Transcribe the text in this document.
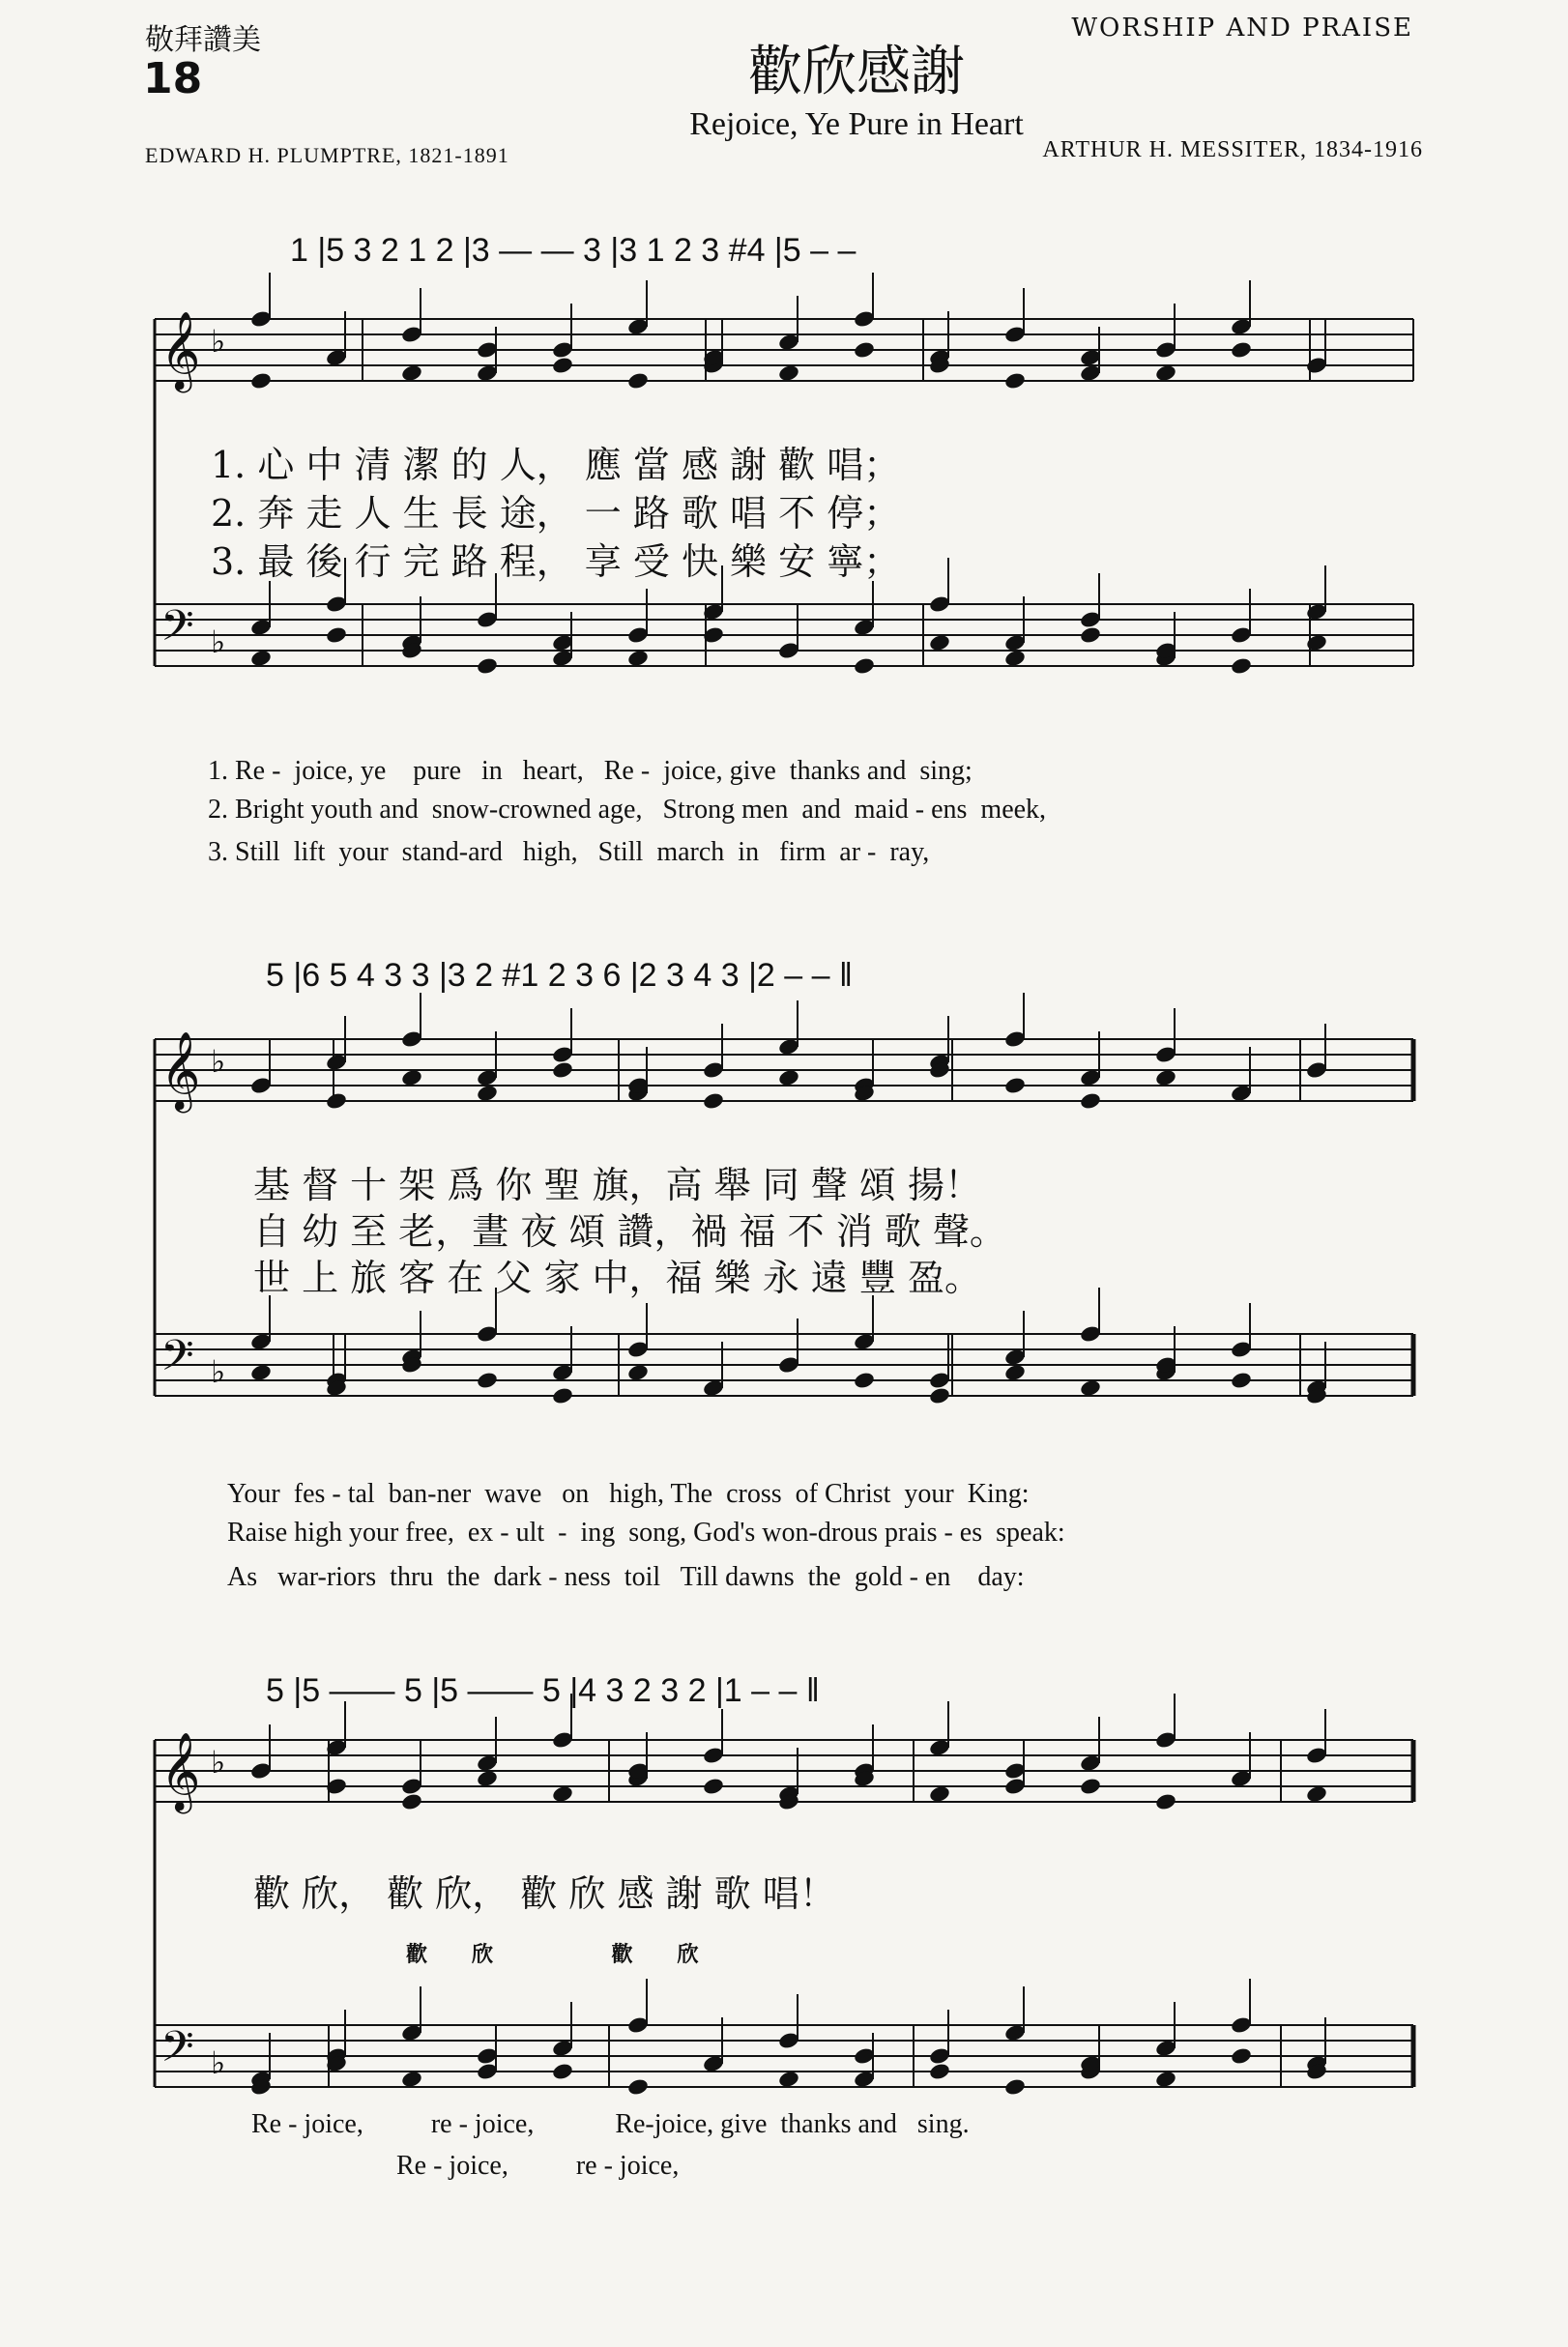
敬拜讚美
18
WORSHIP AND PRAISE
歡欣感謝
Rejoice, Ye Pure in Heart
EDWARD H. PLUMPTRE, 1821-1891	ARTHUR H. MESSITER, 1834-1916
𝄞 ♭
𝄢 ♭
𝄞 ♭
𝄢 ♭
𝄞 ♭
𝄢 ♭
1 |5 3 2 1 2 |3 — — 3 |3 1 2 3 #4 |5 – –
1. 心 中 清 潔 的 人， 應 當 感 謝 歡 唱；
2. 奔 走 人 生 長 途， 一 路 歌 唱 不 停；
3. 最 後 行 完 路 程， 享 受 快 樂 安 寧；
1. Re -  joice, ye    pure   in   heart,   Re -  joice, give  thanks and  sing;
2. Bright youth and  snow-crowned age,   Strong men  and  maid - ens  meek,
3. Still  lift  your  stand-ard   high,   Still  march  in   firm  ar -  ray,
5 |6 5 4 3 3 |3 2 #1 2 3 6 |2 3 4 3 |2 – – ‖
基 督 十 架 爲 你 聖 旗，高 舉 同 聲 頌 揚！
自 幼 至 老，晝 夜 頌 讚，禍 福 不 消 歌 聲。
世 上 旅 客 在 父 家 中，福 樂 永 遠 豐 盈。
Your  fes - tal  ban-ner  wave   on   high, The  cross  of Christ  your  King:
Raise high your free,  ex - ult  -  ing  song, God's won-drous prais - es  speak:
As   war-riors  thru  the  dark - ness  toil   Till dawns  the  gold - en    day:
5 |5 —— 5 |5 —— 5 |4 3 2 3 2 |1 – – ‖
歡 欣， 歡 欣， 歡 欣 感 謝 歌 唱！
歡      欣                歡      欣
Re - joice,          re - joice,            Re-joice, give  thanks and   sing.
Re - joice,          re - joice,
